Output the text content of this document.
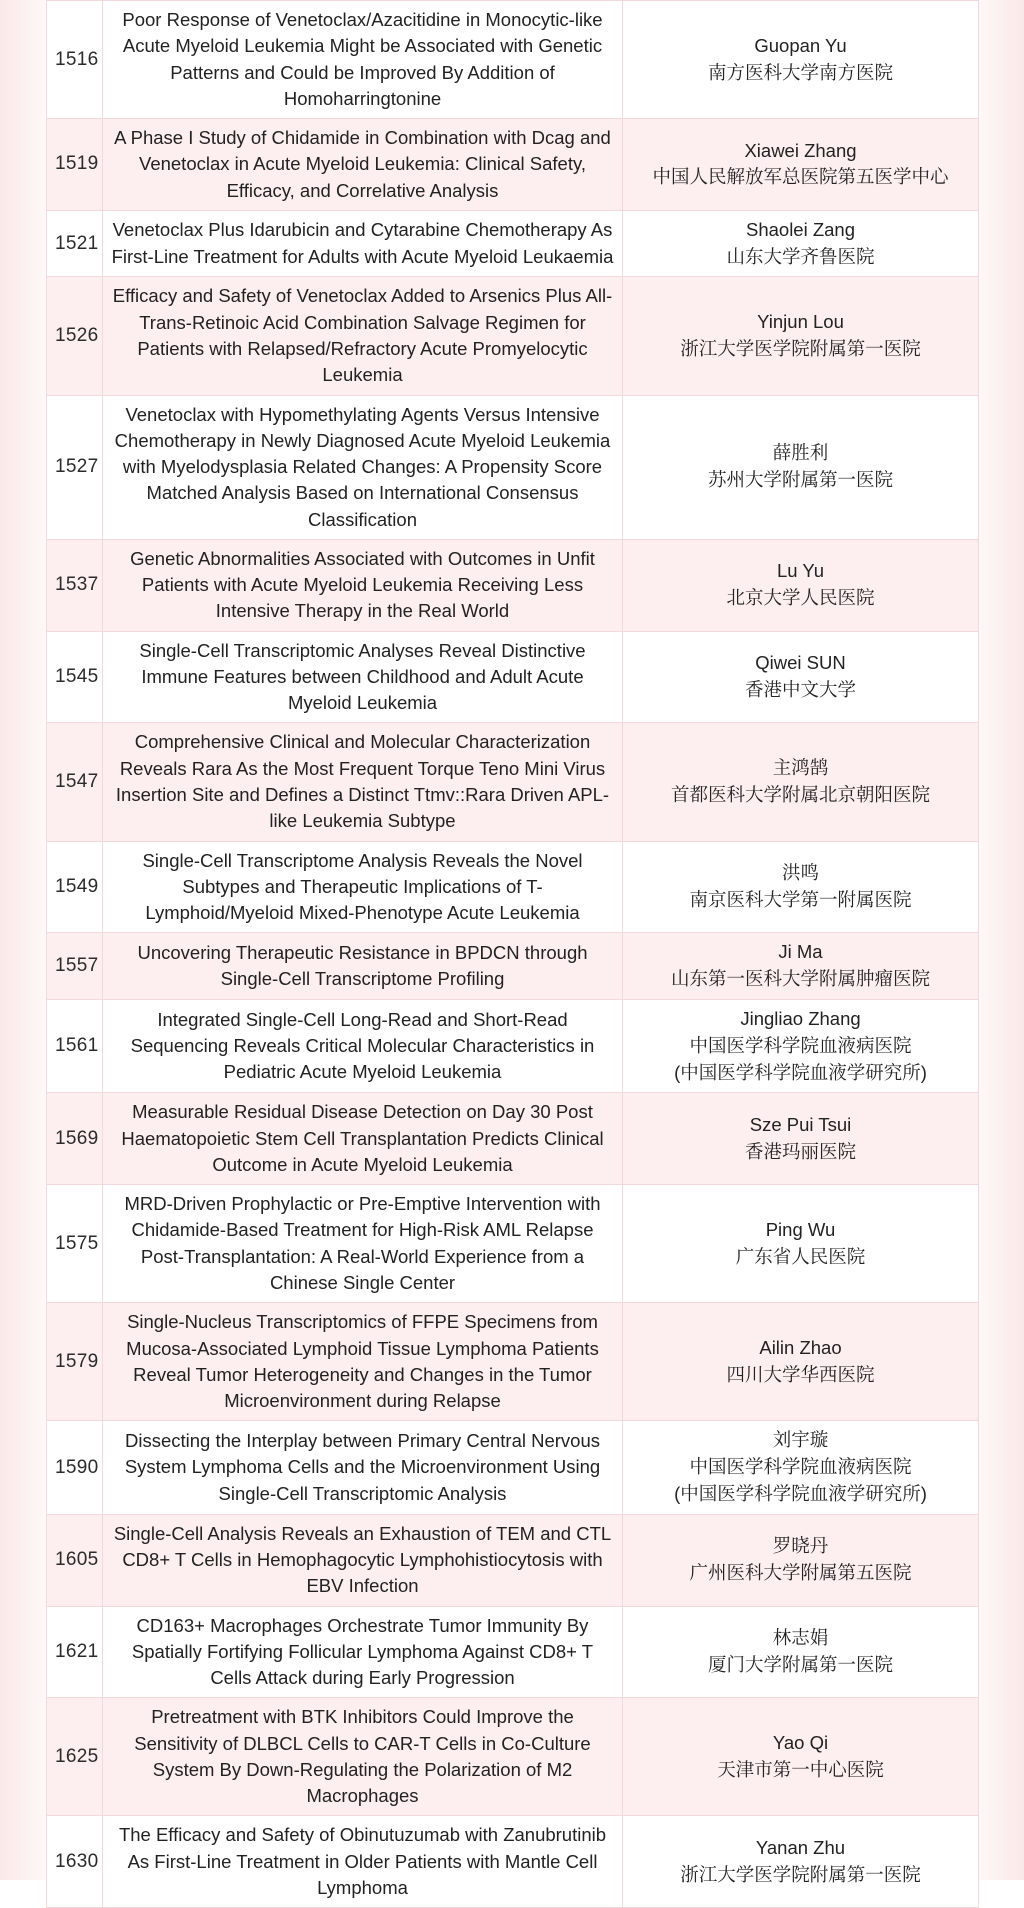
1516	Poor Response of Venetoclax/Azacitidine in Monocytic-like Acute Myeloid Leukemia Might be Associated with Genetic Patterns and Could be Improved By Addition of Homoharringtonine	Guopan Yu
南方医科大学南方医院

1519	A Phase I Study of Chidamide in Combination with Dcag and Venetoclax in Acute Myeloid Leukemia: Clinical Safety, Efficacy, and Correlative Analysis	Xiawei Zhang
中国人民解放军总医院第五医学中心

1521	Venetoclax Plus Idarubicin and Cytarabine Chemotherapy As First-Line Treatment for Adults with Acute Myeloid Leukaemia	Shaolei Zang
山东大学齐鲁医院

1526	Efficacy and Safety of Venetoclax Added to Arsenics Plus All-Trans-Retinoic Acid Combination Salvage Regimen for Patients with Relapsed/Refractory Acute Promyelocytic Leukemia	Yinjun Lou
浙江大学医学院附属第一医院

1527	Venetoclax with Hypomethylating Agents Versus Intensive Chemotherapy in Newly Diagnosed Acute Myeloid Leukemia with Myelodysplasia Related Changes: A Propensity Score Matched Analysis Based on International Consensus Classification	薛胜利
苏州大学附属第一医院

1537	Genetic Abnormalities Associated with Outcomes in Unfit Patients with Acute Myeloid Leukemia Receiving Less Intensive Therapy in the Real World	Lu Yu
北京大学人民医院

1545	Single-Cell Transcriptomic Analyses Reveal Distinctive Immune Features between Childhood and Adult Acute Myeloid Leukemia	Qiwei SUN
香港中文大学

1547	Comprehensive Clinical and Molecular Characterization Reveals Rara As the Most Frequent Torque Teno Mini Virus Insertion Site and Defines a Distinct Ttmv::Rara Driven APL-like Leukemia Subtype	主鸿鹄
首都医科大学附属北京朝阳医院

1549	Single-Cell Transcriptome Analysis Reveals the Novel Subtypes and Therapeutic Implications of T-Lymphoid/Myeloid Mixed-Phenotype Acute Leukemia	洪鸣
南京医科大学第一附属医院

1557	Uncovering Therapeutic Resistance in BPDCN through Single-Cell Transcriptome Profiling	Ji Ma
山东第一医科大学附属肿瘤医院

1561	Integrated Single-Cell Long-Read and Short-Read Sequencing Reveals Critical Molecular Characteristics in Pediatric Acute Myeloid Leukemia	Jingliao Zhang
中国医学科学院血液病医院
(中国医学科学院血液学研究所)

1569	Measurable Residual Disease Detection on Day 30 Post Haematopoietic Stem Cell Transplantation Predicts Clinical Outcome in Acute Myeloid Leukemia	Sze Pui Tsui
香港玛丽医院

1575	MRD-Driven Prophylactic or Pre-Emptive Intervention with Chidamide-Based Treatment for High-Risk AML Relapse Post-Transplantation: A Real-World Experience from a Chinese Single Center	Ping Wu
广东省人民医院

1579	Single-Nucleus Transcriptomics of FFPE Specimens from Mucosa-Associated Lymphoid Tissue Lymphoma Patients Reveal Tumor Heterogeneity and Changes in the Tumor Microenvironment during Relapse	Ailin Zhao
四川大学华西医院

1590	Dissecting the Interplay between Primary Central Nervous System Lymphoma Cells and the Microenvironment Using Single-Cell Transcriptomic Analysis	刘宇璇
中国医学科学院血液病医院
(中国医学科学院血液学研究所)

1605	Single-Cell Analysis Reveals an Exhaustion of TEM and CTL CD8+ T Cells in Hemophagocytic Lymphohistiocytosis with EBV Infection	罗晓丹
广州医科大学附属第五医院

1621	CD163+ Macrophages Orchestrate Tumor Immunity By Spatially Fortifying Follicular Lymphoma Against CD8+ T Cells Attack during Early Progression	林志娟
厦门大学附属第一医院

1625	Pretreatment with BTK Inhibitors Could Improve the Sensitivity of DLBCL Cells to CAR-T Cells in Co-Culture System By Down-Regulating the Polarization of M2 Macrophages	Yao Qi
天津市第一中心医院

1630	The Efficacy and Safety of Obinutuzumab with Zanubrutinib As First-Line Treatment in Older Patients with Mantle Cell Lymphoma	Yanan Zhu
浙江大学医学院附属第一医院
